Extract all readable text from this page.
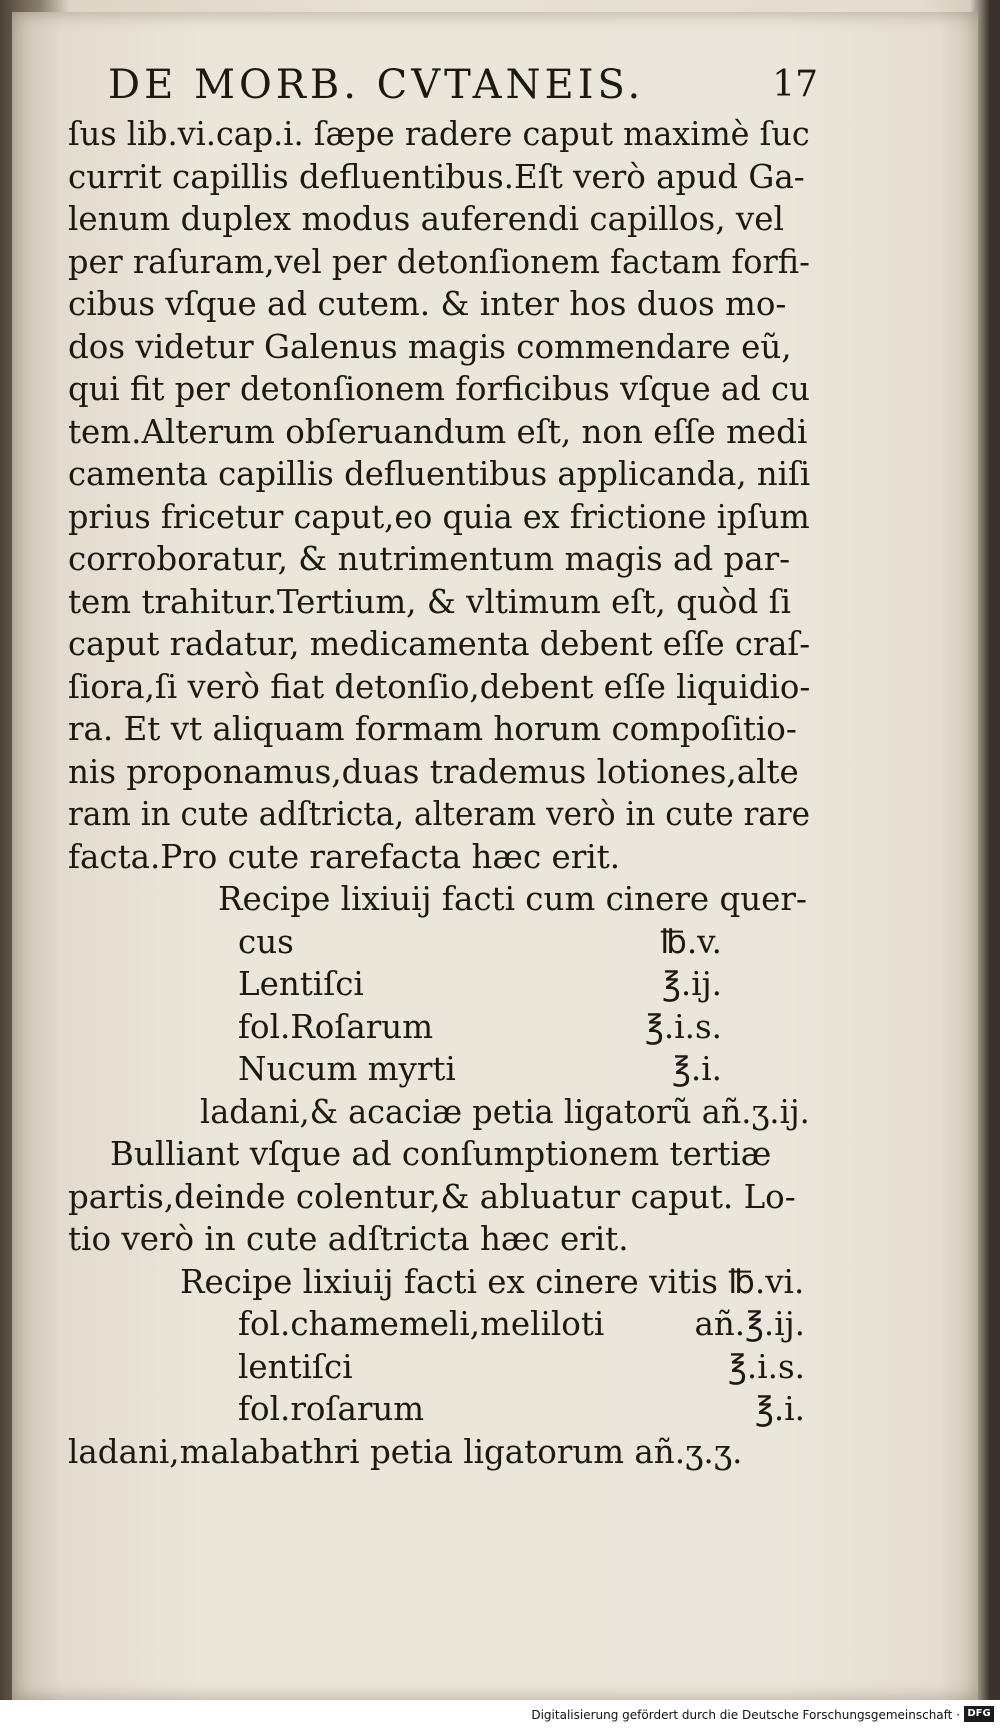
DE MORB. CVTANEIS.	17
ſus lib.vi.cap.i. ſæpe radere caput maximè ſuc
currit capillis defluentibus.Eſt verò apud Ga-
lenum duplex modus auferendi capillos, vel
per raſuram,vel per detonſionem factam forfi-
cibus vſque ad cutem. & inter hos duos mo-
dos videtur Galenus magis commendare eũ,
qui fit per detonſionem forficibus vſque ad cu
tem.Alterum obſeruandum eſt, non eſſe medi
camenta capillis defluentibus applicanda, niſi
prius fricetur caput,eo quia ex frictione ipſum
corroboratur, & nutrimentum magis ad par-
tem trahitur.Tertium, & vltimum eſt, quòd ſi
caput radatur, medicamenta debent eſſe craſ-
ſiora,ſi verò fiat detonſio,debent eſſe liquidio-
ra. Et vt aliquam formam horum compoſitio-
nis proponamus,duas trademus lotiones,alte
ram in cute adſtricta, alteram verò in cute rare
facta.Pro cute rarefacta hæc erit.
Recipe lixiuij facti cum cinere quer-
cus	℔.v.
Lentiſci	℥.ij.
fol.Roſarum	℥.i.s.
Nucum myrti	℥.i.
ladani,& acaciæ petia ligatorũ añ.ʒ.ij.
Bulliant vſque ad conſumptionem tertiæ
partis,deinde colentur,& abluatur caput. Lo-
tio verò in cute adſtricta hæc erit.
Recipe lixiuij facti ex cinere vitis ℔.vi.
fol.chamemeli,meliloti	añ.℥.ij.
lentiſci	℥.i.s.
fol.roſarum	℥.i.
ladani,malabathri petia ligatorum añ.ʒ.ʒ.
Digitalisierung gefördert durch die Deutsche Forschungsgemeinschaft · DFG
